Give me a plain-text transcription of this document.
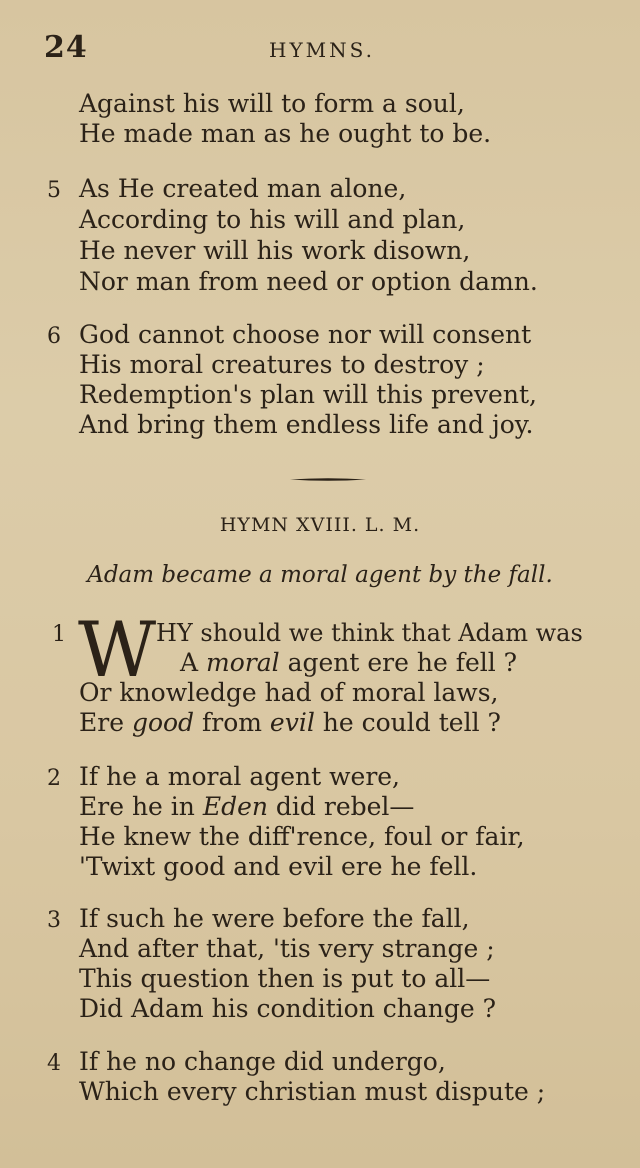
24	HYMNS.
Against his will to form a soul,
He made man as he ought to be.
5 As He created man alone,
According to his will and plan,
He never will his work disown,
Nor man from need or option damn.
6 God cannot choose nor will consent
His moral creatures to destroy ;
Redemption's plan will this prevent,
And bring them endless life and joy.
HYMN XVIII. L. M.
Adam became a moral agent by the fall.
1 W HY should we think that Adam was
A moral agent ere he fell ?
Or knowledge had of moral laws,
Ere good from evil he could tell ?
2 If he a moral agent were,
Ere he in Eden did rebel—
He knew the diff'rence, foul or fair,
'Twixt good and evil ere he fell.
3 If such he were before the fall,
And after that, 'tis very strange ;
This question then is put to all—
Did Adam his condition change ?
4 If he no change did undergo,
Which every christian must dispute ;
